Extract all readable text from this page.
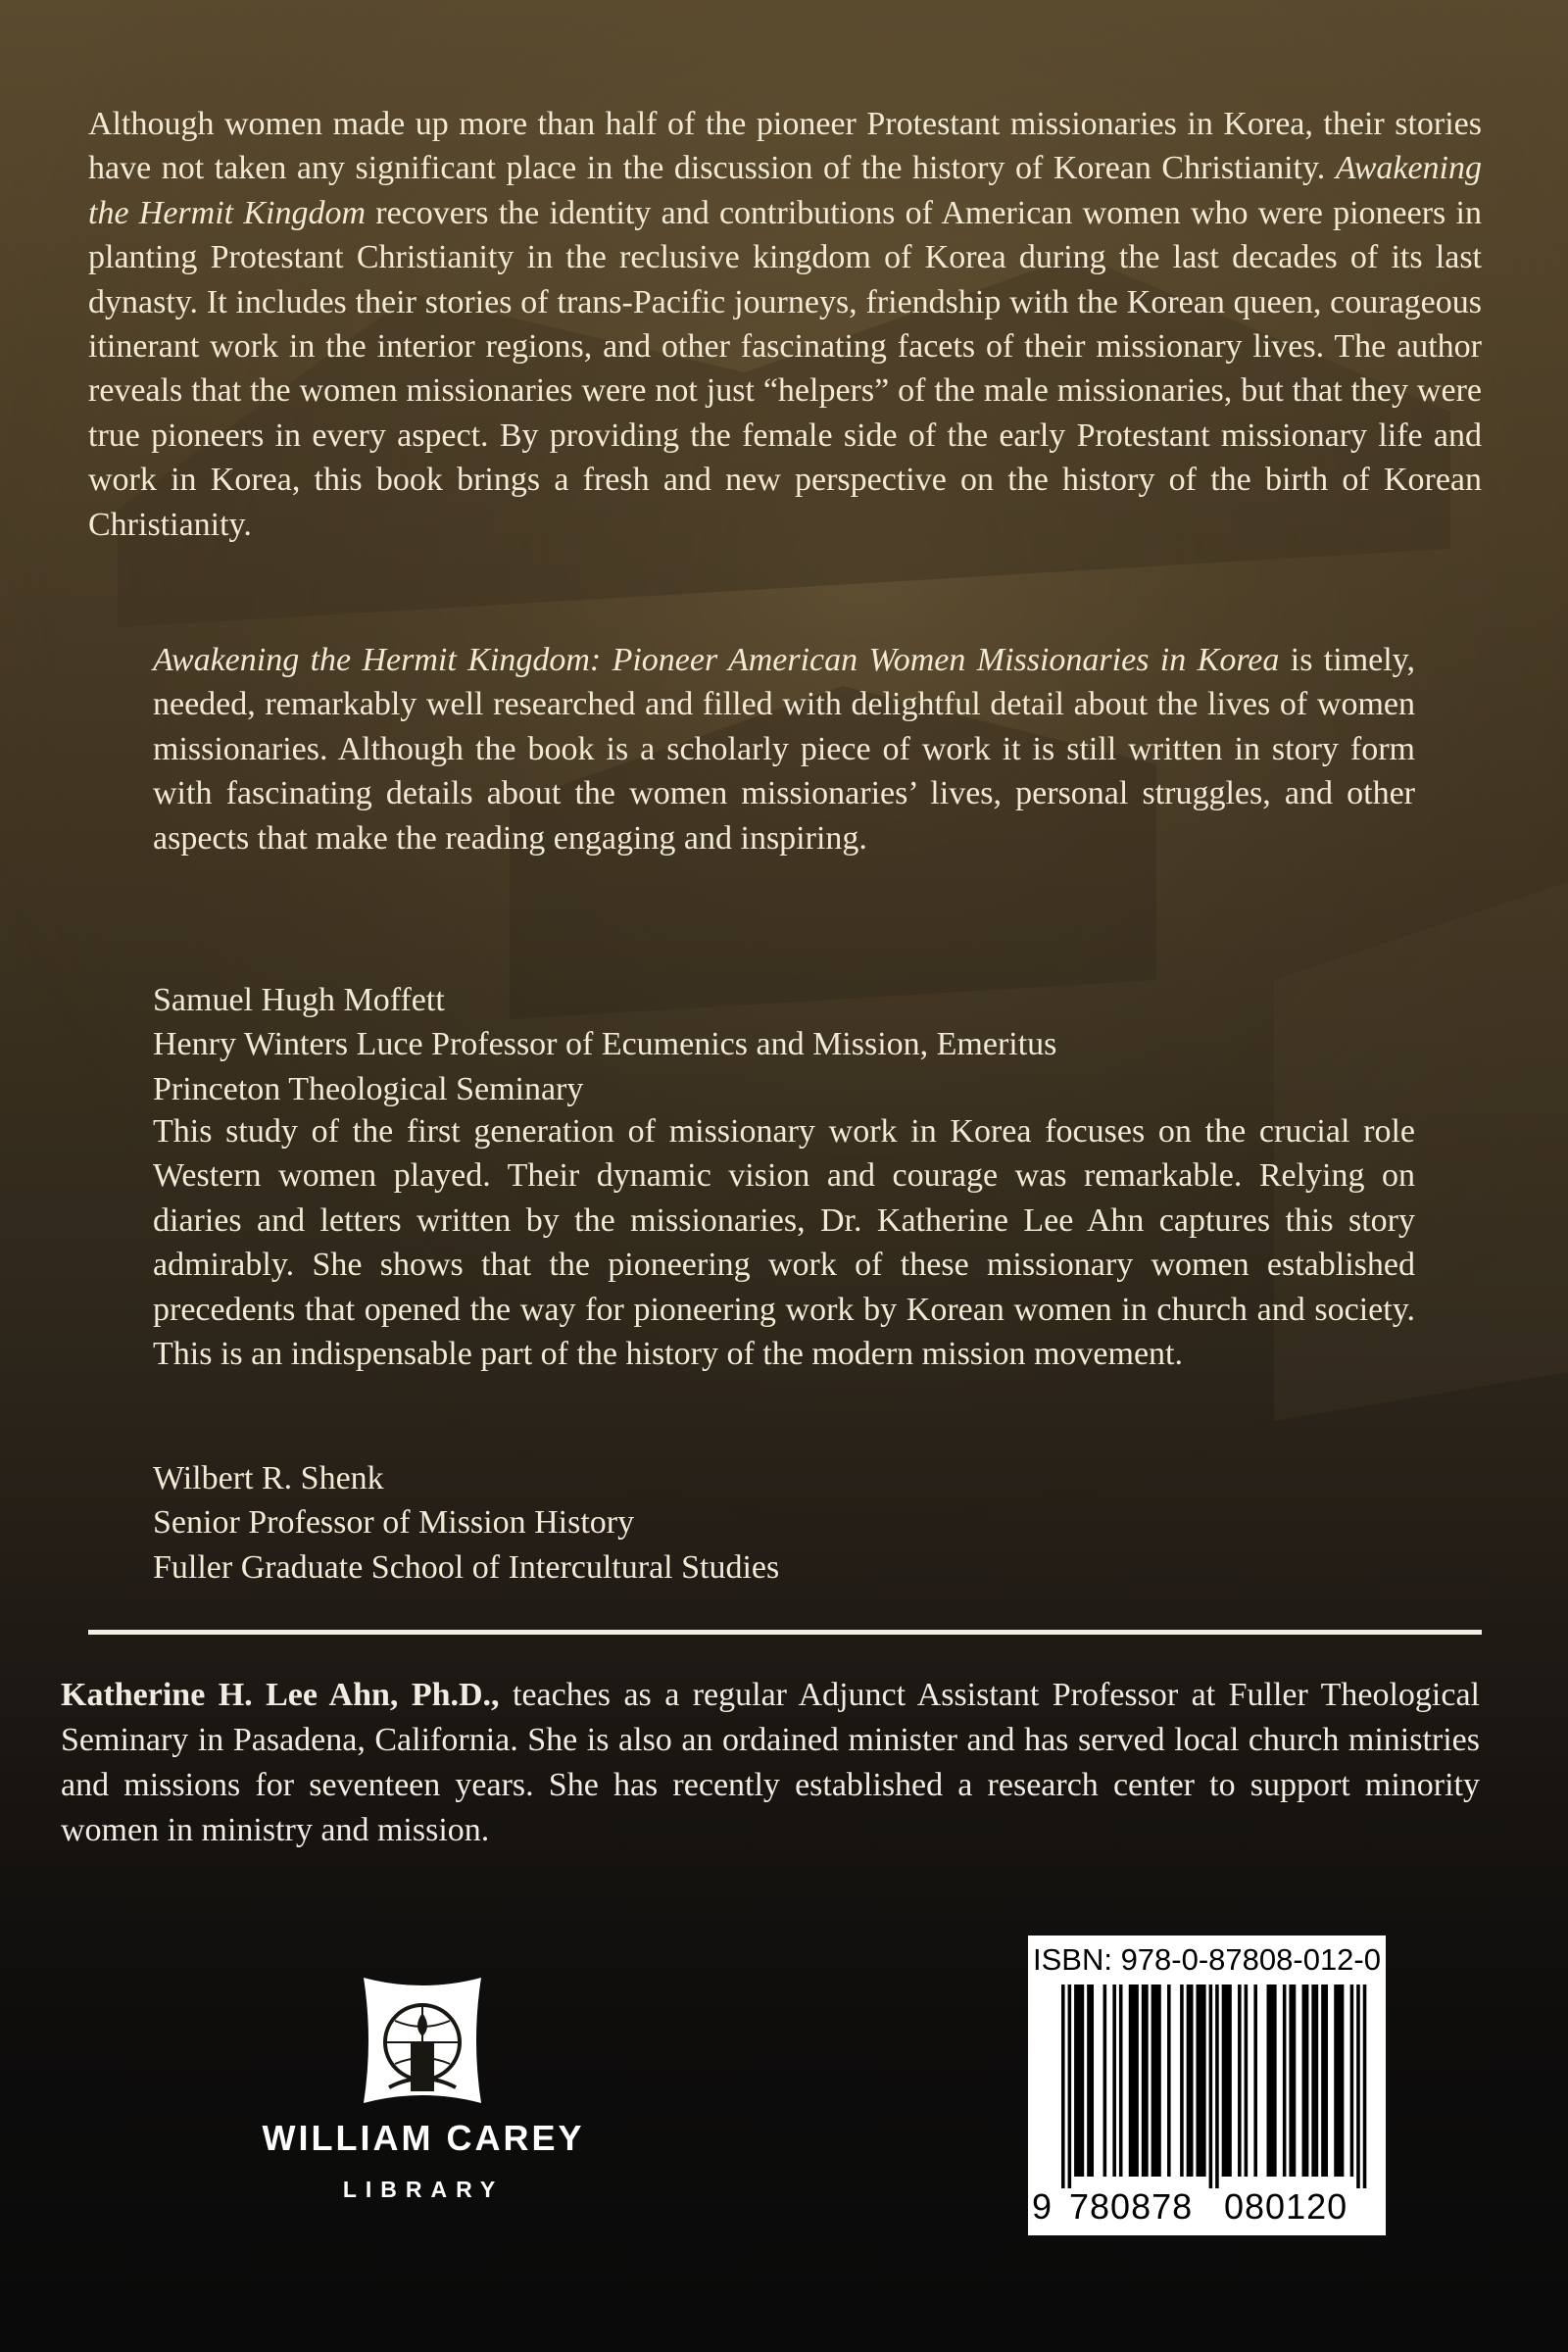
Although women made up more than half of the pioneer Protestant missionaries in Korea, their stories have not taken any significant place in the discussion of the history of Korean Christianity. Awakening the Hermit Kingdom recovers the identity and contributions of American women who were pioneers in planting Protestant Christianity in the reclusive kingdom of Korea during the last decades of its last dynasty. It includes their stories of trans-Pacific journeys, friendship with the Korean queen, courageous itinerant work in the interior regions, and other fascinating facets of their missionary lives. The author reveals that the women missionaries were not just “helpers” of the male missionaries, but that they were true pioneers in every aspect. By providing the female side of the early Protestant missionary life and work in Korea, this book brings a fresh and new perspective on the history of the birth of Korean Christianity.

Awakening the Hermit Kingdom: Pioneer American Women Missionaries in Korea is timely, needed, remarkably well researched and filled with delightful detail about the lives of women missionaries. Although the book is a scholarly piece of work it is still written in story form with fascinating details about the women missionaries’ lives, personal struggles, and other aspects that make the reading engaging and inspiring.

Samuel Hugh Moffett
Henry Winters Luce Professor of Ecumenics and Mission, Emeritus
Princeton Theological Seminary

This study of the first generation of missionary work in Korea focuses on the crucial role Western women played. Their dynamic vision and courage was remarkable. Relying on diaries and letters written by the missionaries, Dr. Katherine Lee Ahn captures this story admirably. She shows that the pioneering work of these missionary women established precedents that opened the way for pioneering work by Korean women in church and society. This is an indispensable part of the history of the modern mission movement.

Wilbert R. Shenk
Senior Professor of Mission History
Fuller Graduate School of Intercultural Studies

Katherine H. Lee Ahn, Ph.D., teaches as a regular Adjunct Assistant Professor at Fuller Theological Seminary in Pasadena, California. She is also an ordained minister and has served local church ministries and missions for seventeen years. She has recently established a research center to support minority women in ministry and mission.

WILLIAM CAREY
LIBRARY
ISBN: 978-0-87808-012-0
9 780878 080120
